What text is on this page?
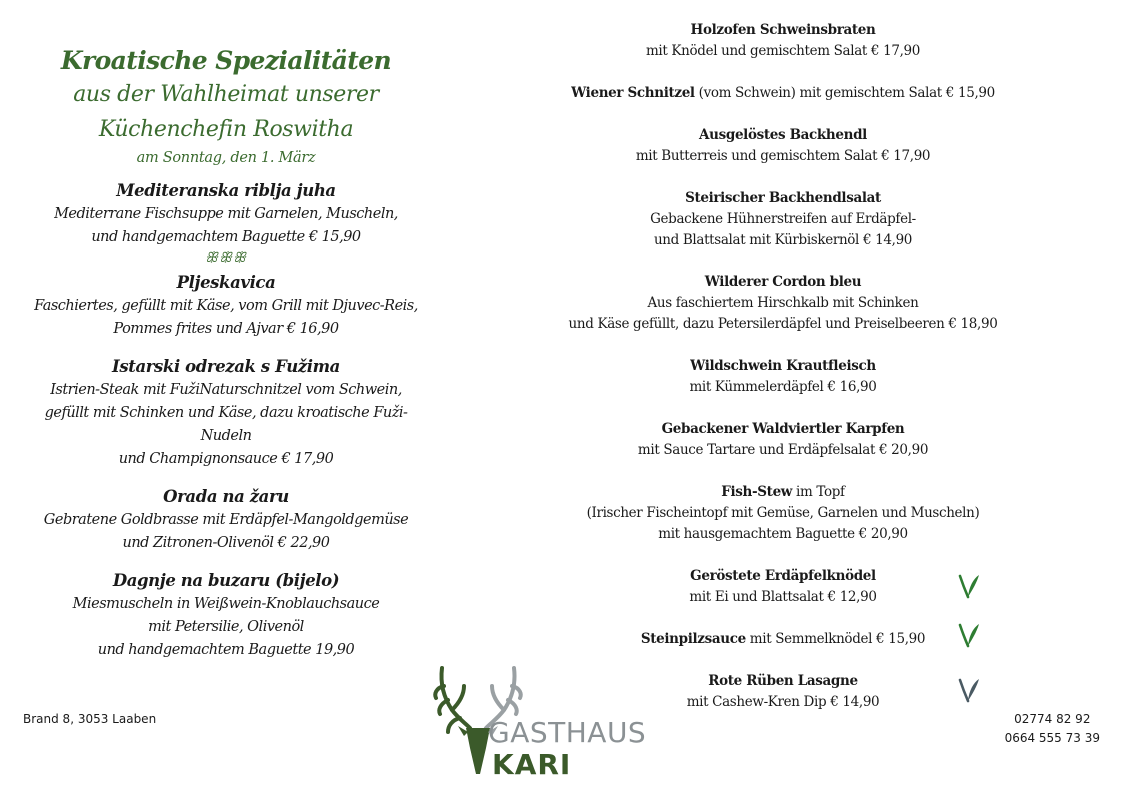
Kroatische Spezialitäten
aus der Wahlheimat unserer
Küchenchefin Roswitha
am Sonntag, den 1. März
Mediteranska riblja juha
Mediterrane Fischsuppe mit Garnelen, Muscheln,
und handgemachtem Baguette € 15,90
ꕥꕥꕥ
Pljeskavica
Faschiertes, gefüllt mit Käse, vom Grill mit Djuvec-Reis,
Pommes frites und Ajvar € 16,90
Istarski odrezak s Fužima
Istrien-Steak mit FužiNaturschnitzel vom Schwein,
gefüllt mit Schinken und Käse, dazu kroatische Fuži-Nudeln
und Champignonsauce € 17,90
Orada na žaru
Gebratene Goldbrasse mit Erdäpfel-Mangoldgemüse
und Zitronen-Olivenöl € 22,90
Dagnje na buzaru (bijelo)
Miesmuscheln in Weißwein-Knoblauchsauce
mit Petersilie, Olivenöl
und handgemachtem Baguette 19,90
Holzofen Schweinsbraten
mit Knödel und gemischtem Salat € 17,90
Wiener Schnitzel (vom Schwein) mit gemischtem Salat € 15,90
Ausgelöstes Backhendl
mit Butterreis und gemischtem Salat € 17,90
Steirischer Backhendlsalat
Gebackene Hühnerstreifen auf Erdäpfel-
und Blattsalat mit Kürbiskernöl € 14,90
Wilderer Cordon bleu
Aus faschiertem Hirschkalb mit Schinken
und Käse gefüllt, dazu Petersilerdäpfel und Preiselbeeren € 18,90
Wildschwein Krautfleisch
mit Kümmelerdäpfel € 16,90
Gebackener Waldviertler Karpfen
mit Sauce Tartare und Erdäpfelsalat € 20,90
Fish-Stew im Topf
(Irischer Fischeintopf mit Gemüse, Garnelen und Muscheln)
mit hausgemachtem Baguette € 20,90
Geröstete Erdäpfelknödel
mit Ei und Blattsalat € 12,90
Steinpilzsauce mit Semmelknödel € 15,90
Rote Rüben Lasagne
mit Cashew-Kren Dip € 14,90
Brand 8, 3053 Laaben	02774 82 92
0664 555 73 39
GASTHAUS
KARI
